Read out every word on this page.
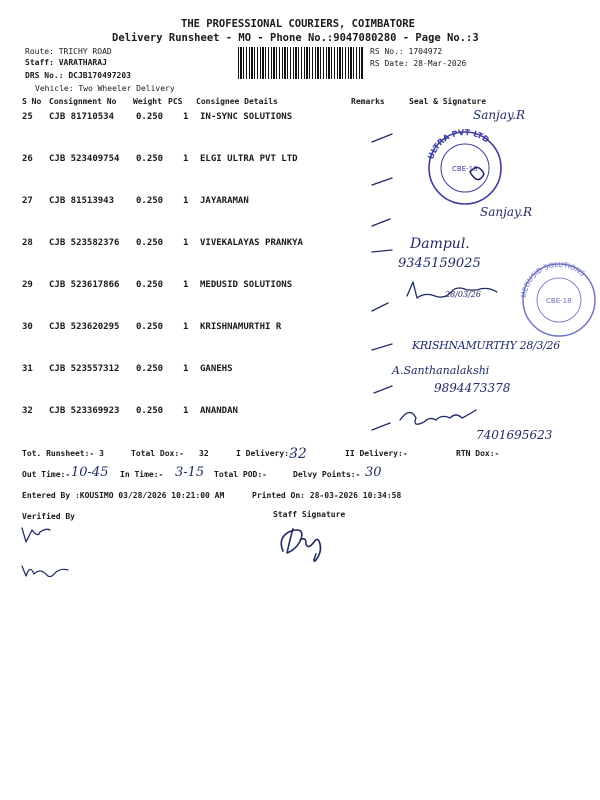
THE PROFESSIONAL COURIERS, COIMBATORE
Delivery Runsheet - MO - Phone No.:9047080280 - Page No.:3
Route: TRICHY ROAD
Staff: VARATHARAJ
DRS No.: DCJB170497203
Vehicle: Two Wheeler Delivery
RS No.: 1704972
RS Date: 28-Mar-2026
S No Consignment No Weight PCS Consignee Details	Remarks	Seal & Signature
25 CJB 81710534 0.250 1 IN-SYNC SOLUTIONS
26 CJB 523409754 0.250 1 ELGI ULTRA PVT LTD
27 CJB 81513943 0.250 1 JAYARAMAN
28 CJB 523582376 0.250 1 VIVEKALAYAS PRANKYA
29 CJB 523617866 0.250 1 MEDUSID SOLUTIONS
30 CJB 523620295 0.250 1 KRISHNAMURTHI R
31 CJB 523557312 0.250 1 GANEHS
32 CJB 523369923 0.250 1 ANANDAN
Tot. Runsheet:- 3	Total Dox:- 32	I Delivery:-	II Delivery:-	RTN Dox:-
Out Time:-	In Time:-	Total POD:-	Delvy Points:-
Entered By :KOUSIMO 03/28/2026 10:21:00 AM	Printed On: 28-03-2026 10:34:58
Verified By	Staff Signature
32
10-45	3-15	30
Sanjay.R
Sanjay.R
Dampul.
9345159025
28/03/26
KRISHNAMURTHY 28/3/26
A.Santhanalakshi
9894473378
7401695623
ULTRA PVT LTD
CBE-18
MEDUSID SOLUTIONS
CBE-18
